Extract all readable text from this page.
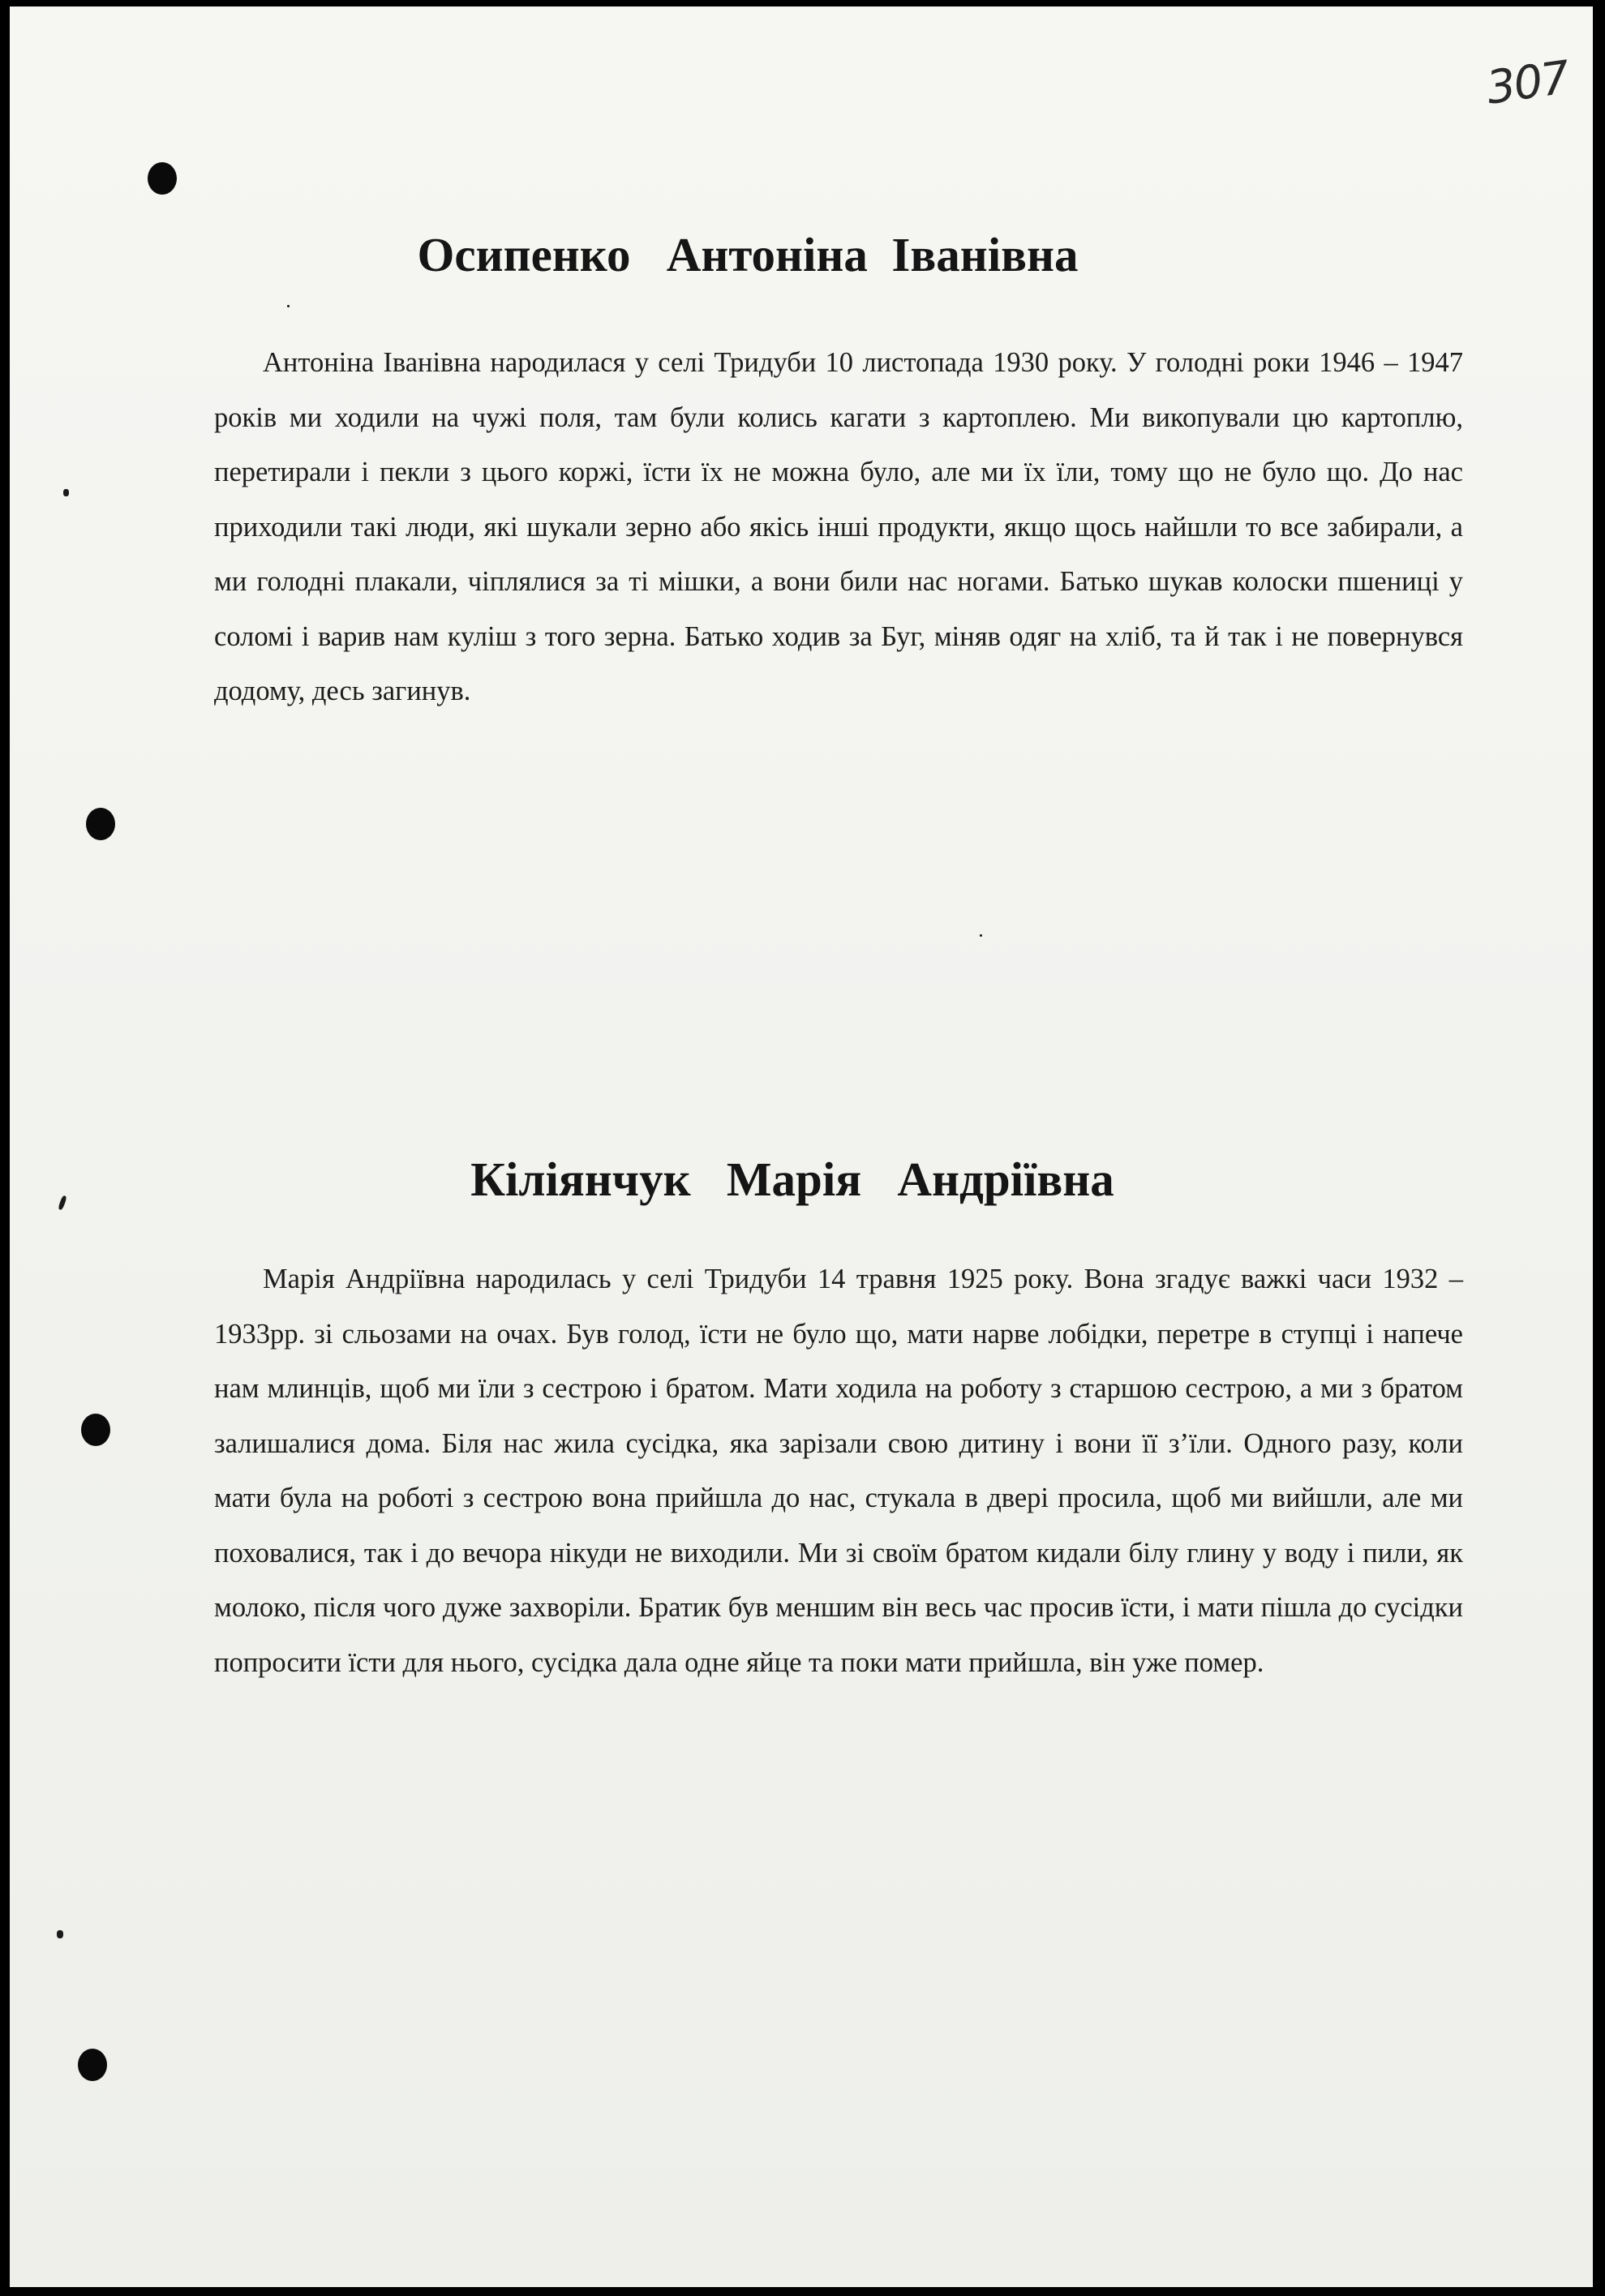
307
Осипенко   Антоніна  Іванівна
Антоніна Іванівна народилася у селі Тридуби 10 листопада 1930 року. У голодні роки 1946 – 1947 років ми ходили на чужі поля, там були колись кагати з картоплею. Ми викопували цю картоплю, перетирали і пекли з цього коржі, їсти їх не можна було, але ми їх їли, тому що не було що. До нас приходили такі люди, які шукали зерно або якісь інші продукти, якщо щось найшли то все забирали, а ми голодні плакали, чіплялися за ті мішки, а вони били нас ногами. Батько шукав колоски пшениці у соломі і варив нам куліш з того зерна. Батько ходив за Буг, міняв одяг на хліб, та й так і не повернувся додому, десь загинув.
Кіліянчук   Марія   Андріївна
Марія Андріївна народилась у селі Тридуби 14 травня 1925 року. Вона згадує важкі часи 1932 – 1933рр. зі сльозами на очах. Був голод, їсти не було що, мати нарве лобідки, перетре в ступці і напече нам млинців, щоб ми їли з сестрою і братом. Мати ходила на роботу з старшою сестрою, а ми з братом залишалися дома. Біля нас жила сусідка, яка зарізали свою дитину і вони її з’їли. Одного разу, коли мати була на роботі з сестрою вона прийшла до нас, стукала в двері просила, щоб ми вийшли, але ми поховалися, так і до вечора нікуди не виходили. Ми зі своїм братом кидали білу глину у воду і пили, як молоко, після чого дуже захворіли. Братик був меншим він весь час просив їсти, і мати пішла до сусідки попросити їсти для нього, сусідка дала одне яйце та поки мати прийшла, він уже помер.
